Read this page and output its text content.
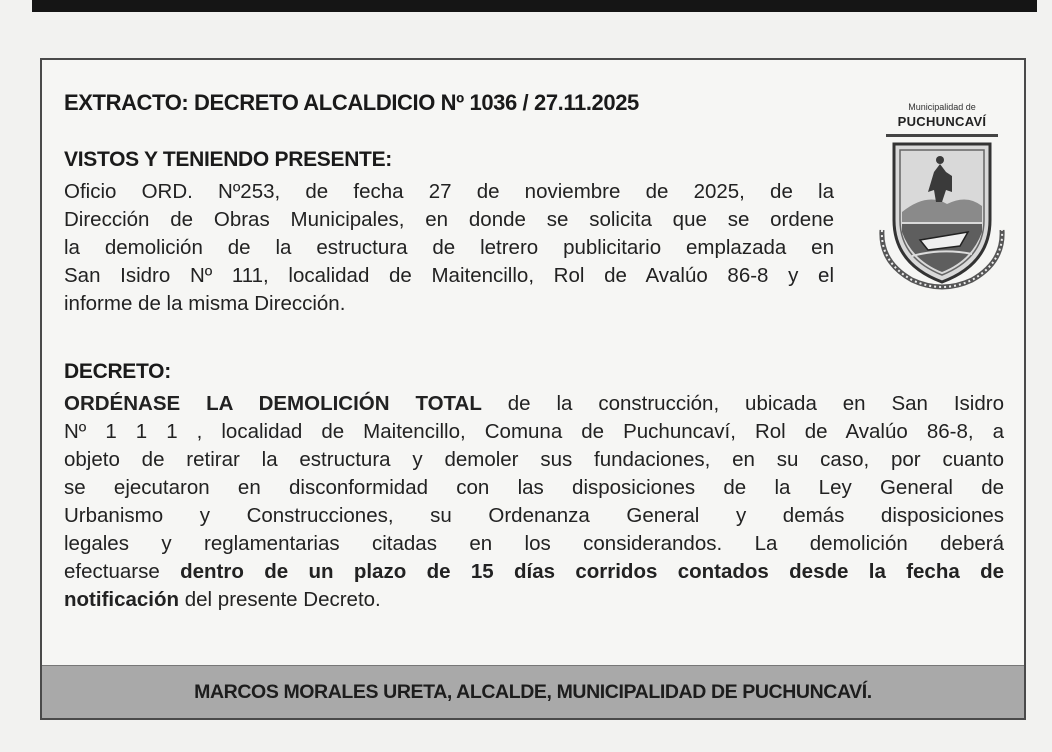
EXTRACTO: DECRETO ALCALDICIO Nº 1036 / 27.11.2025
VISTOS Y TENIENDO PRESENTE:
Oficio ORD. Nº253, de fecha 27 de noviembre de 2025, de la
Dirección de Obras Municipales, en donde se solicita que se ordene
la demolición de la estructura de letrero publicitario emplazada en
San Isidro Nº 111, localidad de Maitencillo, Rol de Avalúo 86-8 y el
informe de la misma Dirección.
DECRETO:
ORDÉNASE LA DEMOLICIÓN TOTAL de la construcción, ubicada en San Isidro
Nº 1 1 1 , localidad de Maitencillo, Comuna de Puchuncaví, Rol de Avalúo 86-8, a
objeto de retirar la estructura y demoler sus fundaciones, en su caso, por cuanto
se ejecutaron en disconformidad con las disposiciones de la Ley General de
Urbanismo y Construcciones, su Ordenanza General y demás disposiciones
legales y reglamentarias citadas en los considerandos. La demolición deberá
efectuarse dentro de un plazo de 15 días corridos contados desde la fecha de
notificación del presente Decreto.
Municipalidad de
PUCHUNCAVÍ
MARCOS MORALES URETA, ALCALDE, MUNICIPALIDAD DE PUCHUNCAVÍ.
